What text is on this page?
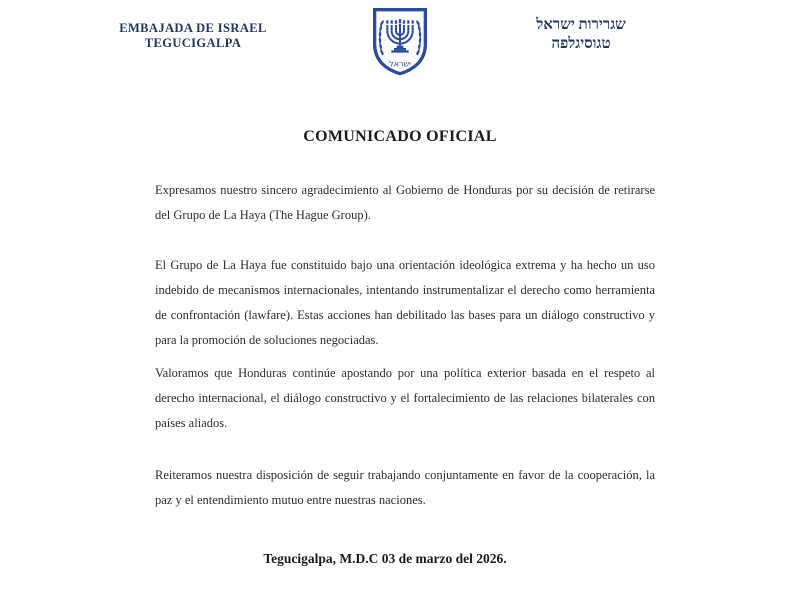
EMBAJADA DE ISRAEL
TEGUCIGALPA
ישראל
שגרירות ישראל
טגוסיגלפה
COMUNICADO OFICIAL

Expresamos nuestro sincero agradecimiento al Gobierno de Honduras por su decisión de retirarse del Grupo de La Haya (The Hague Group).

El Grupo de La Haya fue constituido bajo una orientación ideológica extrema y ha hecho un uso indebido de mecanismos internacionales, intentando instrumentalizar el derecho como herramienta de confrontación (lawfare). Estas acciones han debilitado las bases para un diálogo constructivo y para la promoción de soluciones negociadas.

Valoramos que Honduras continúe apostando por una política exterior basada en el respeto al derecho internacional, el diálogo constructivo y el fortalecimiento de las relaciones bilaterales con países aliados.

Reiteramos nuestra disposición de seguir trabajando conjuntamente en favor de la cooperación, la paz y el entendimiento mutuo entre nuestras naciones.

Tegucigalpa, M.D.C 03 de marzo del 2026.
